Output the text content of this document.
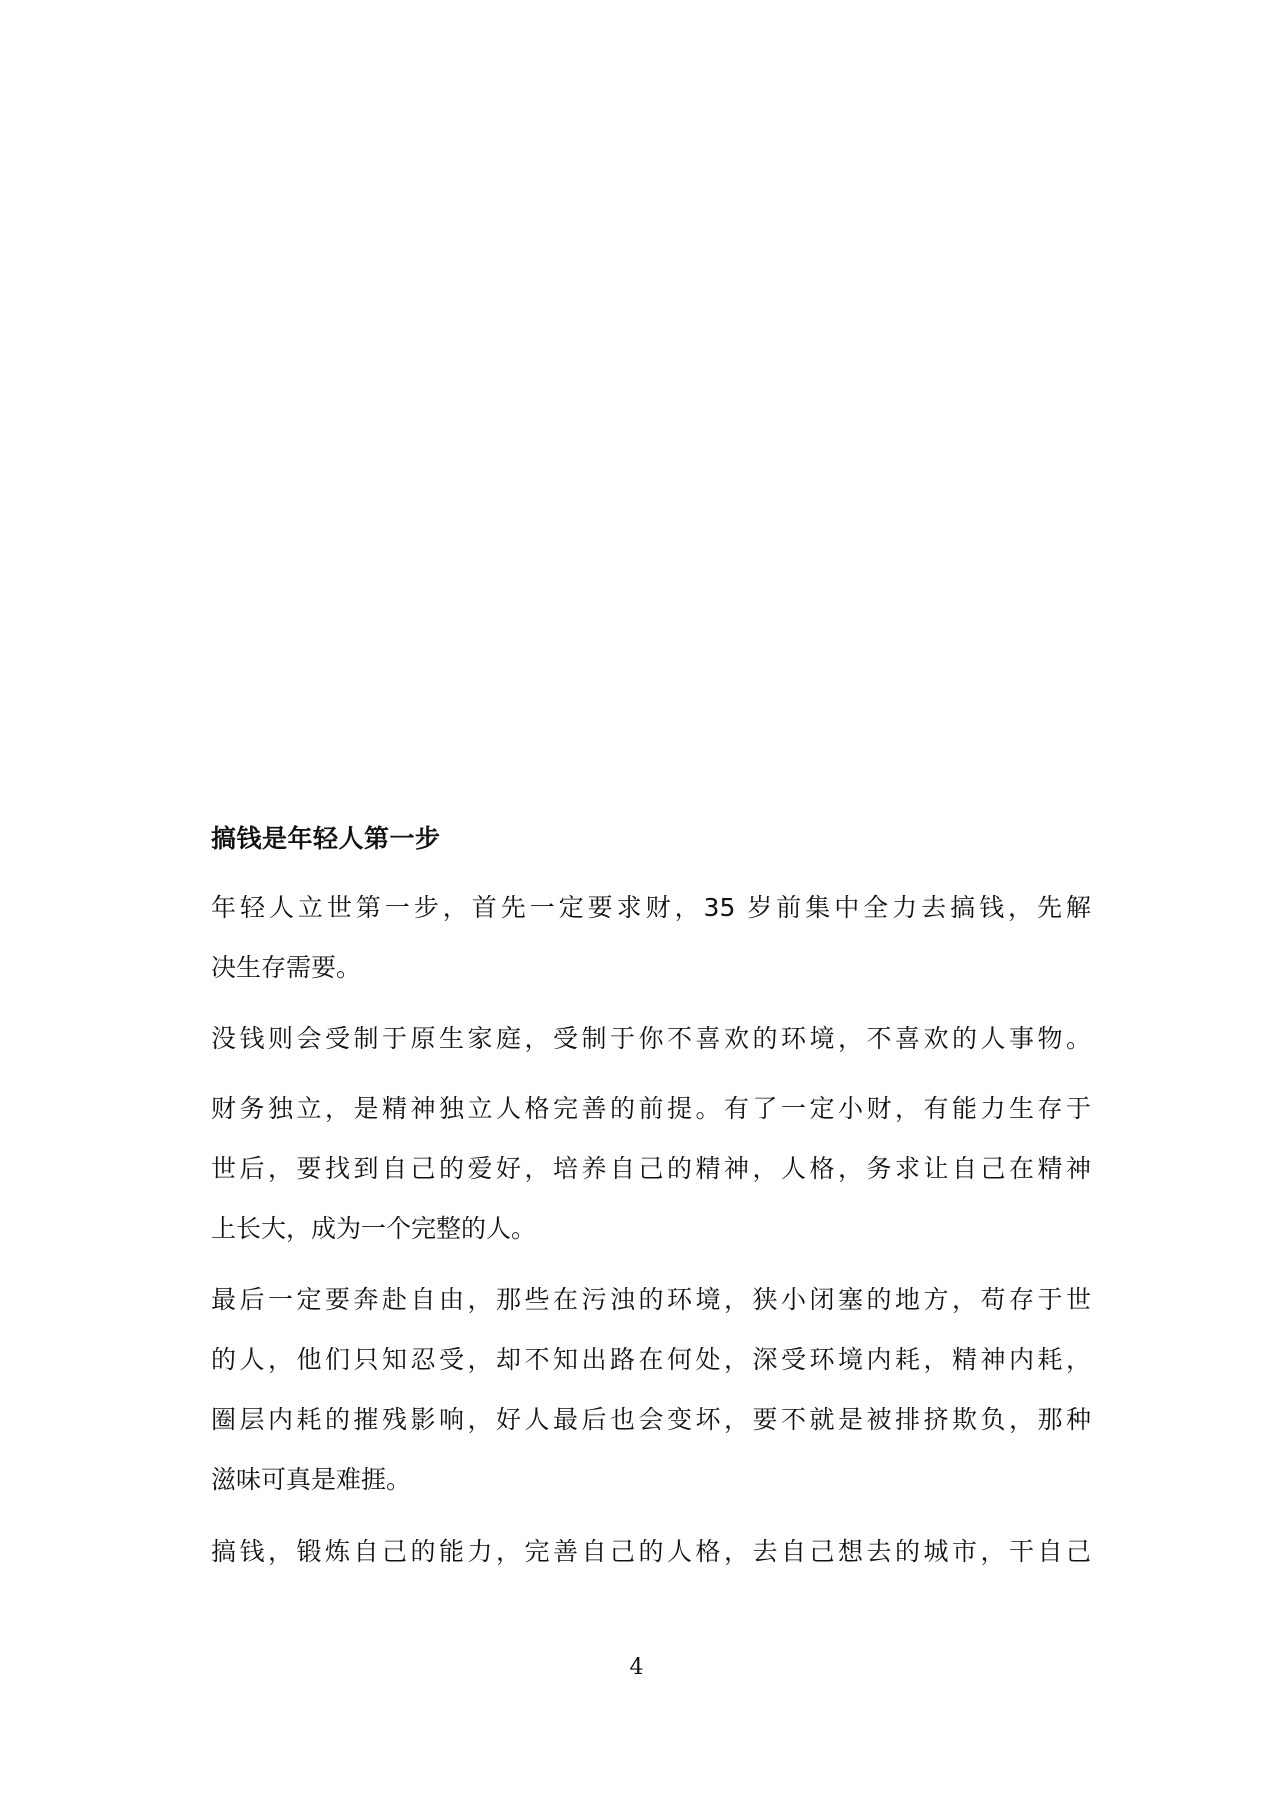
搞钱是年轻人第一步

年轻人立世第一步，首先一定要求财，35 岁前集中全力去搞钱，先解

决生存需要。

没钱则会受制于原生家庭，受制于你不喜欢的环境，不喜欢的人事物。

财务独立，是精神独立人格完善的前提。有了一定小财，有能力生存于

世后，要找到自己的爱好，培养自己的精神，人格，务求让自己在精神

上长大，成为一个完整的人。

最后一定要奔赴自由，那些在污浊的环境，狭小闭塞的地方，苟存于世

的人，他们只知忍受，却不知出路在何处，深受环境内耗，精神内耗，

圈层内耗的摧残影响，好人最后也会变坏，要不就是被排挤欺负，那种

滋味可真是难捱。

搞钱，锻炼自己的能力，完善自己的人格，去自己想去的城市，干自己

4
